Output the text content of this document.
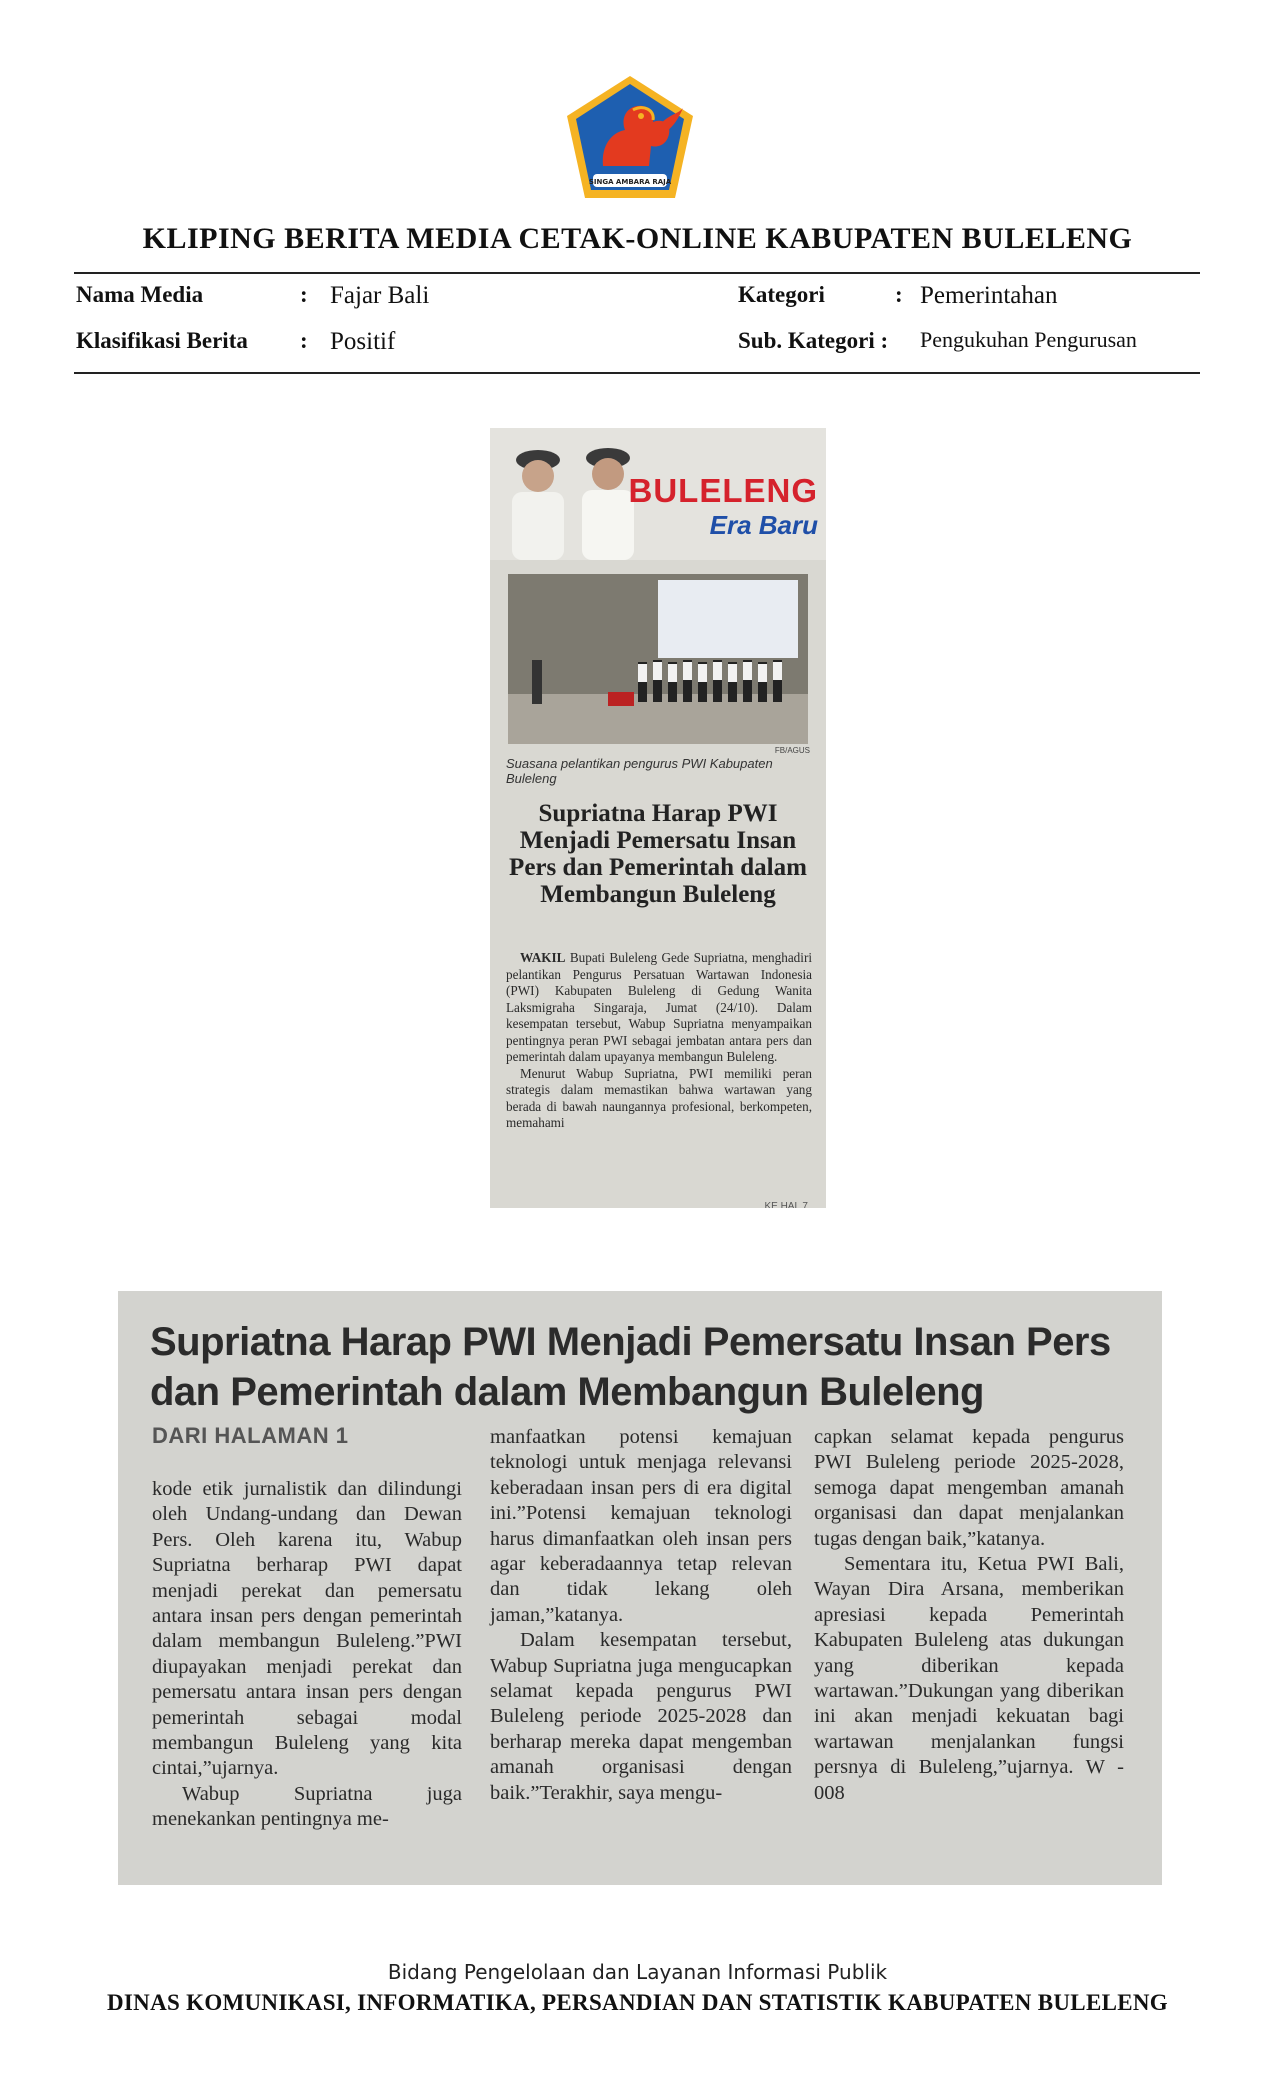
SINGA AMBARA RAJA
KLIPING BERITA MEDIA CETAK-ONLINE KABUPATEN BULELENG
Nama Media	: Fajar Bali
Klasifikasi Berita : Positif
Kategori	: Pemerintahan
Sub. Kategori : Pengukuhan Pengurusan
BULELENG
Era Baru
FB/AGUS
Suasana pelantikan pengurus PWI Kabupaten Buleleng
Supriatna Harap PWI Menjadi Pemersatu Insan Pers dan Pemerintah dalam Membangun Buleleng

WAKIL Bupati Buleleng Gede Supriatna, menghadiri pelantikan Pengurus Persatuan Wartawan Indonesia (PWI) Kabupaten Buleleng di Gedung Wanita Laksmigraha Singaraja, Jumat (24/10). Dalam kesempatan tersebut, Wabup Supriatna menyampaikan pentingnya peran PWI sebagai jembatan antara pers dan pemerintah dalam upayanya membangun Buleleng.

Menurut Wabup Supriatna, PWI memiliki peran strategis dalam memastikan bahwa wartawan yang berada di bawah naungannya profesional, berkompeten, memahami

KE HAL 7
Supriatna Harap PWI Menjadi Pemersatu Insan Pers dan Pemerintah dalam Membangun Buleleng
DARI HALAMAN 1

kode etik jurnalistik dan dilindungi oleh Undang-undang dan Dewan Pers. Oleh karena itu, Wabup Supriatna berharap PWI dapat menjadi perekat dan pemersatu antara insan pers dengan pemerintah dalam membangun Buleleng.”PWI diupayakan menjadi perekat dan pemersatu antara insan pers dengan pemerintah sebagai modal membangun Buleleng yang kita cintai,”ujarnya.

Wabup Supriatna juga menekankan pentingnya me-

manfaatkan potensi kemajuan teknologi untuk menjaga relevansi keberadaan insan pers di era digital ini.”Potensi kemajuan teknologi harus dimanfaatkan oleh insan pers agar keberadaannya tetap relevan dan tidak lekang oleh jaman,”katanya.

Dalam kesempatan tersebut, Wabup Supriatna juga mengucapkan selamat kepada pengurus PWI Buleleng periode 2025-2028 dan berharap mereka dapat mengemban amanah organisasi dengan baik.”Terakhir, saya mengu-

capkan selamat kepada pengurus PWI Buleleng periode 2025-2028, semoga dapat mengemban amanah organisasi dan dapat menjalankan tugas dengan baik,”katanya.

Sementara itu, Ketua PWI Bali, Wayan Dira Arsana, memberikan apresiasi kepada Pemerintah Kabupaten Buleleng atas dukungan yang diberikan kepada wartawan.”Dukungan yang diberikan ini akan menjadi kekuatan bagi wartawan menjalankan fungsi persnya di Buleleng,”ujarnya. W - 008

Bidang Pengelolaan dan Layanan Informasi Publik
DINAS KOMUNIKASI, INFORMATIKA, PERSANDIAN DAN STATISTIK KABUPATEN BULELENG
